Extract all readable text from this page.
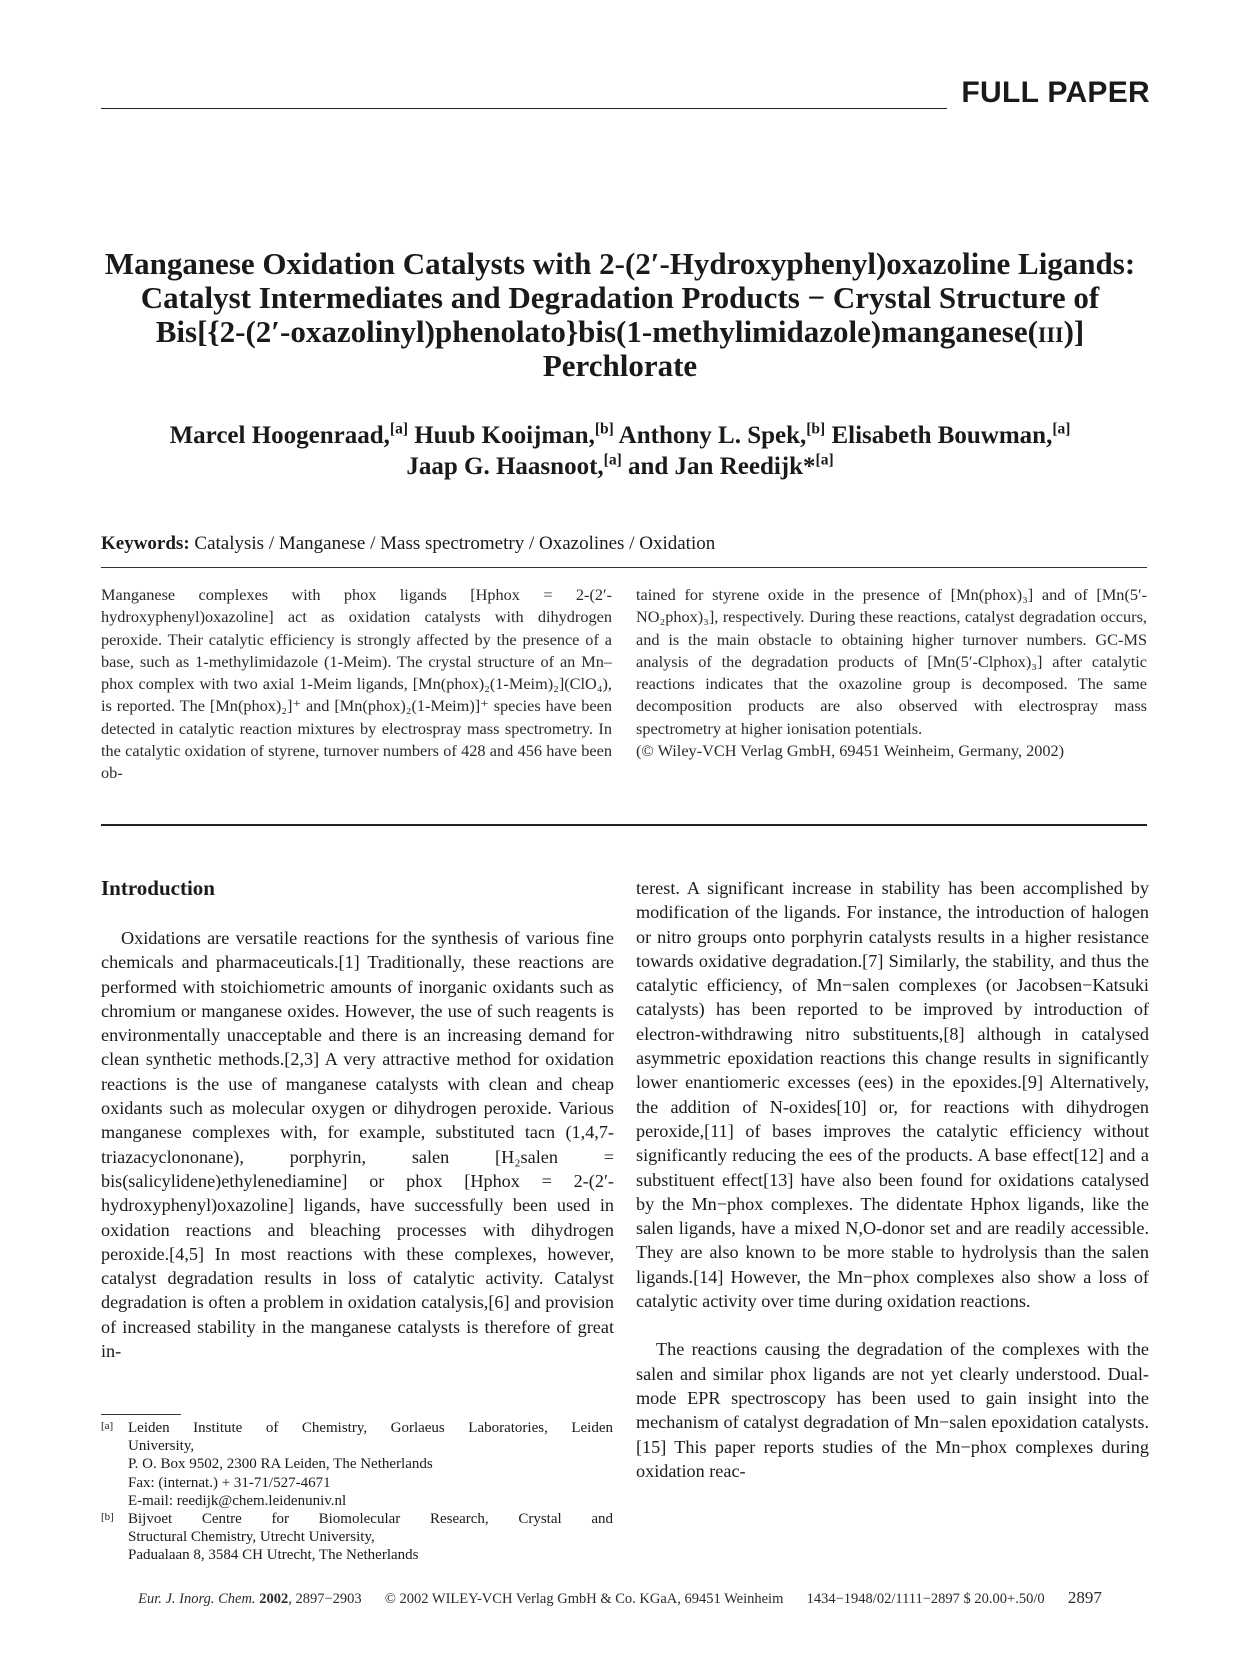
FULL PAPER
Manganese Oxidation Catalysts with 2-(2′-Hydroxyphenyl)oxazoline Ligands:
Catalyst Intermediates and Degradation Products − Crystal Structure of
Bis[{2-(2′-oxazolinyl)phenolato}bis(1-methylimidazole)manganese(iii)]
Perchlorate
Marcel Hoogenraad,[a] Huub Kooijman,[b] Anthony L. Spek,[b] Elisabeth Bouwman,[a]
Jaap G. Haasnoot,[a] and Jan Reedijk*[a]
Keywords: Catalysis / Manganese / Mass spectrometry / Oxazolines / Oxidation

Manganese complexes with phox ligands [Hphox = 2-(2′-hydroxyphenyl)oxazoline] act as oxidation catalysts with dihydrogen peroxide. Their catalytic efficiency is strongly affected by the presence of a base, such as 1-methylimidazole (1-Meim). The crystal structure of an Mn–phox complex with two axial 1-Meim ligands, [Mn(phox)₂(1-Meim)₂](ClO₄), is reported. The [Mn(phox)₂]⁺ and [Mn(phox)₂(1-Meim)]⁺ species have been detected in catalytic reaction mixtures by electrospray mass spectrometry. In the catalytic oxidation of styrene, turnover numbers of 428 and 456 have been ob-

tained for styrene oxide in the presence of [Mn(phox)₃] and of [Mn(5′-NO₂phox)₃], respectively. During these reactions, catalyst degradation occurs, and is the main obstacle to obtaining higher turnover numbers. GC-MS analysis of the degradation products of [Mn(5′-Clphox)₃] after catalytic reactions indicates that the oxazoline group is decomposed. The same decomposition products are also observed with electrospray mass spectrometry at higher ionisation potentials.

(© Wiley-VCH Verlag GmbH, 69451 Weinheim, Germany, 2002)

Introduction

Oxidations are versatile reactions for the synthesis of various fine chemicals and pharmaceuticals.[1] Traditionally, these reactions are performed with stoichiometric amounts of inorganic oxidants such as chromium or manganese oxides. However, the use of such reagents is environmentally unacceptable and there is an increasing demand for clean synthetic methods.[2,3] A very attractive method for oxidation reactions is the use of manganese catalysts with clean and cheap oxidants such as molecular oxygen or dihydrogen peroxide. Various manganese complexes with, for example, substituted tacn (1,4,7-triazacyclononane), porphyrin, salen [H₂salen = bis(salicylidene)ethylenediamine] or phox [Hphox = 2-(2′-hydroxyphenyl)oxazoline] ligands, have successfully been used in oxidation reactions and bleaching processes with dihydrogen peroxide.[4,5] In most reactions with these complexes, however, catalyst degradation results in loss of catalytic activity. Catalyst degradation is often a problem in oxidation catalysis,[6] and provision of increased stability in the manganese catalysts is therefore of great in-

terest. A significant increase in stability has been accomplished by modification of the ligands. For instance, the introduction of halogen or nitro groups onto porphyrin catalysts results in a higher resistance towards oxidative degradation.[7] Similarly, the stability, and thus the catalytic efficiency, of Mn−salen complexes (or Jacobsen−Katsuki catalysts) has been reported to be improved by introduction of electron-withdrawing nitro substituents,[8] although in catalysed asymmetric epoxidation reactions this change results in significantly lower enantiomeric excesses (ees) in the epoxides.[9] Alternatively, the addition of N-oxides[10] or, for reactions with dihydrogen peroxide,[11] of bases improves the catalytic efficiency without significantly reducing the ees of the products. A base effect[12] and a substituent effect[13] have also been found for oxidations catalysed by the Mn−phox complexes. The didentate Hphox ligands, like the salen ligands, have a mixed N,O-donor set and are readily accessible. They are also known to be more stable to hydrolysis than the salen ligands.[14] However, the Mn−phox complexes also show a loss of catalytic activity over time during oxidation reactions.

The reactions causing the degradation of the complexes with the salen and similar phox ligands are not yet clearly understood. Dual-mode EPR spectroscopy has been used to gain insight into the mechanism of catalyst degradation of Mn−salen epoxidation catalysts.[15] This paper reports studies of the Mn−phox complexes during oxidation reac-

[a] Leiden Institute of Chemistry, Gorlaeus Laboratories, Leiden
University,
P. O. Box 9502, 2300 RA Leiden, The Netherlands
Fax: (internat.) + 31-71/527-4671
E-mail: reedijk@chem.leidenuniv.nl
[b] Bijvoet Centre for Biomolecular Research, Crystal and
Structural Chemistry, Utrecht University,
Padualaan 8, 3584 CH Utrecht, The Netherlands
Eur. J. Inorg. Chem. 2002, 2897−2903 © 2002 WILEY-VCH Verlag GmbH & Co. KGaA, 69451 Weinheim 1434−1948/02/1111−2897 $ 20.00+.50/0 2897
